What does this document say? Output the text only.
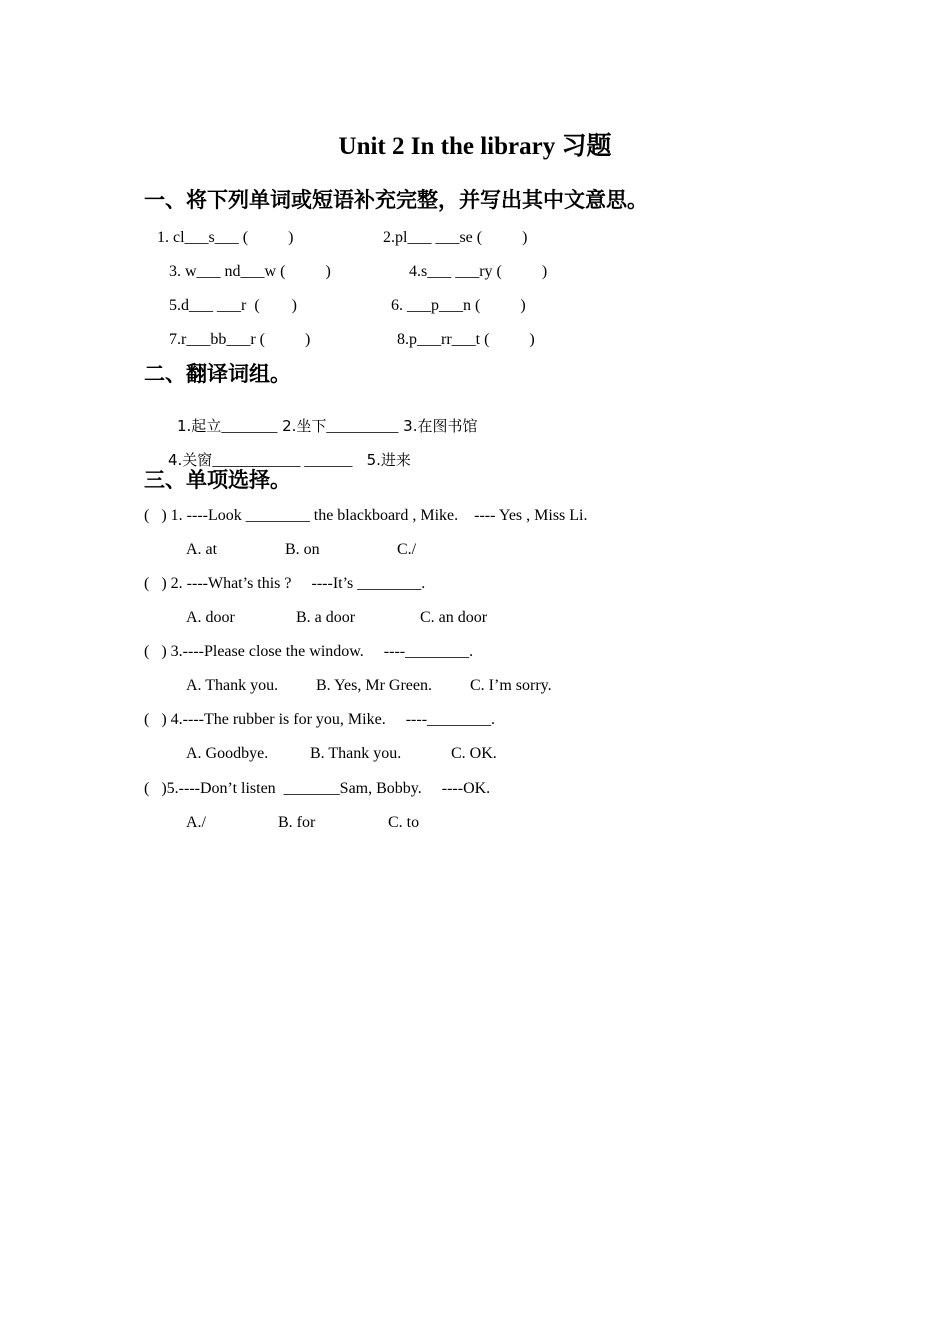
Unit 2 In the library 习题
一、将下列单词或短语补充完整，并写出其中文意思。
1. cl___s___ (          )	2.pl___ ___se (          )
3. w___ nd___w (          )	4.s___ ___ry (          )
5.d___ ___r  (        )	6. ___p___n (          )
7.r___bb___r (          )	8.p___rr___t (          )
二、翻译词组。

1.起立_______ 2.坐下_________ 3.在图书馆

4.关窗___________ ______   5.进来

三、单项选择。
(   ) 1. ----Look ________ the blackboard , Mike.    ---- Yes , Miss Li.
A. at	B. on	C./
(   ) 2. ----What’s this ?     ----It’s ________.
A. door	B. a door	C. an door
(   ) 3.----Please close the window.     ----________.
A. Thank you. B. Yes, Mr Green. C. I’m sorry.
(   ) 4.----The rubber is for you, Mike.     ----________.
A. Goodbye.	B. Thank you.	C. OK.
(   )5.----Don’t listen  _______Sam, Bobby.     ----OK.
A./	B. for	C. to
